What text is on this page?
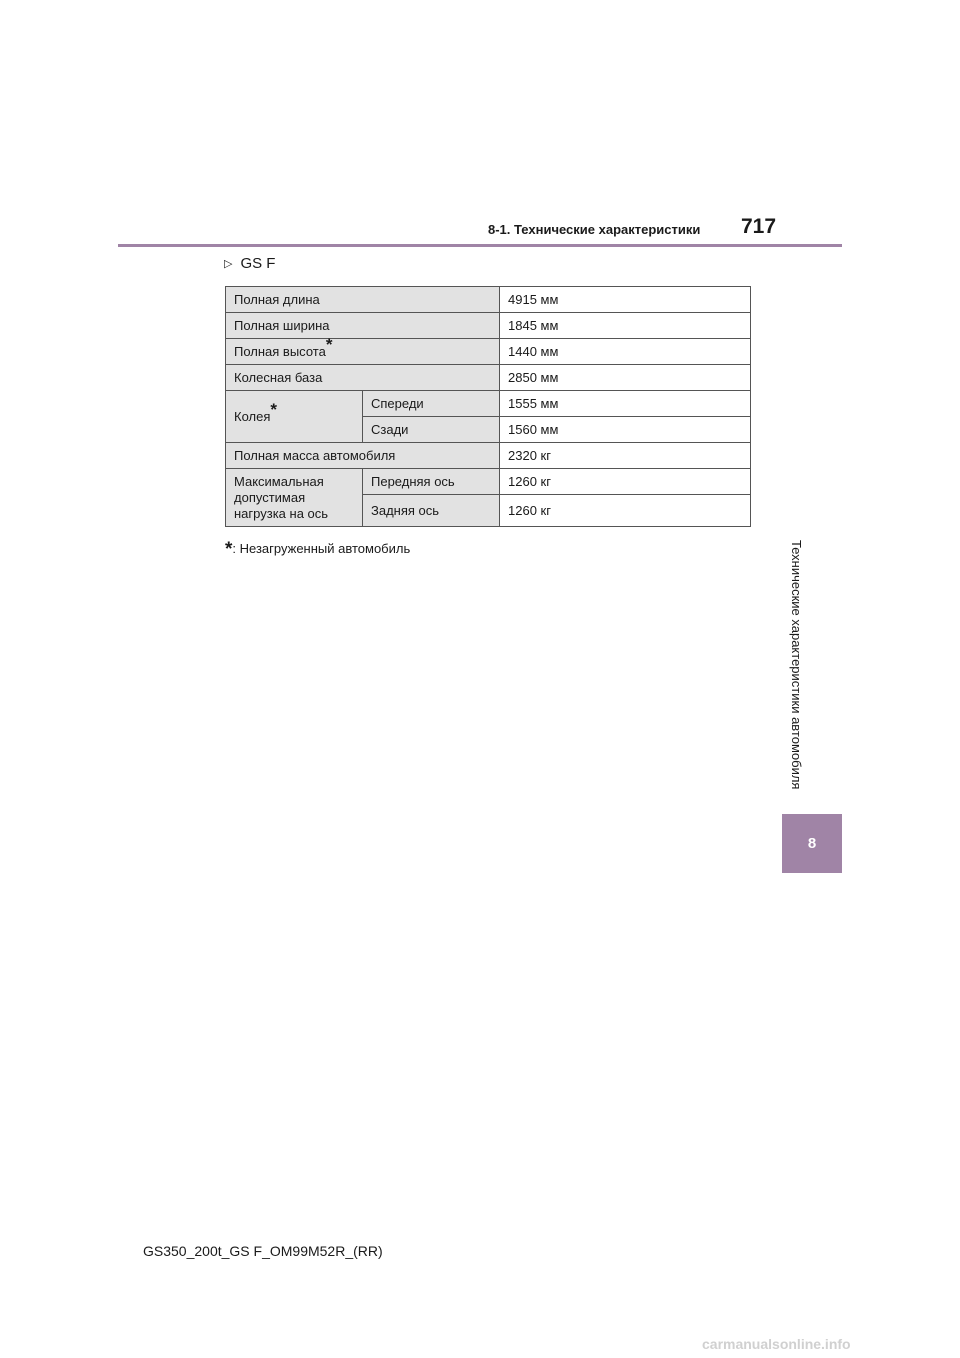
8-1. Технические характеристики 717
▷ GS F
Полная длина		4915 мм
Полная ширина		1845 мм
Полная высота*		1440 мм
Колесная база		2850 мм
Колея*	Спереди	1555 мм
	Сзади	1560 мм
Полная масса автомобиля		2320 кг

Максимальная
допустимая
нагрузка на ось	Передняя ось	1260 кг
	Задняя ось	1260 кг
*: Незагруженный автомобиль	Технические характеристики автомобиля
8
GS350_200t_GS F_OM99M52R_(RR)
carmanualsonline.info
